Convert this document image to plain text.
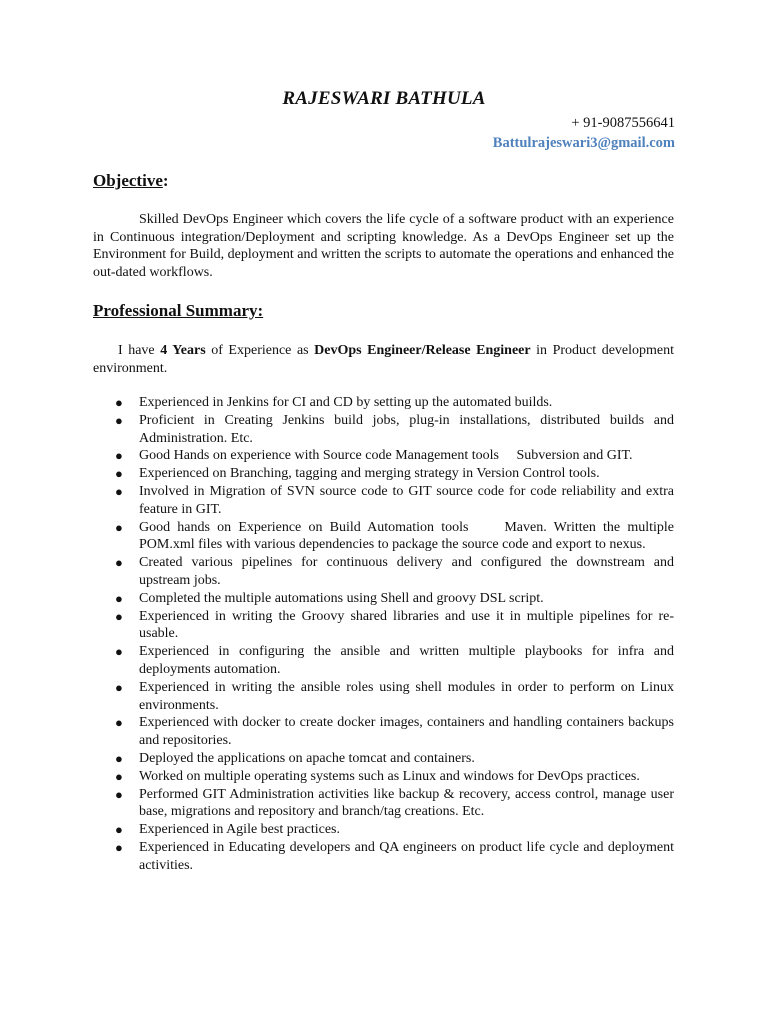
RAJESWARI BATHULA
+ 91-9087556641
Battulrajeswari3@gmail.com
Objective:

Skilled DevOps Engineer which covers the life cycle of a software product with an experience in Continuous integration/Deployment and scripting knowledge. As a DevOps Engineer set up the Environment for Build, deployment and written the scripts to automate the operations and enhanced the out-dated workflows.

Professional Summary:

I have 4 Years of Experience as DevOps Engineer/Release Engineer in Product development environment.

● Experienced in Jenkins for CI and CD by setting up the automated builds.
● Proficient in Creating Jenkins build jobs, plug-in installations, distributed builds and Administration. Etc.
● Good Hands on experience with Source code Management tools     Subversion and GIT.
● Experienced on Branching, tagging and merging strategy in Version Control tools.
● Involved in Migration of SVN source code to GIT source code for code reliability and extra feature in GIT.
● Good hands on Experience on Build Automation tools     Maven. Written the multiple POM.xml files with various dependencies to package the source code and export to nexus.
● Created various pipelines for continuous delivery and configured the downstream and upstream jobs.
● Completed the multiple automations using Shell and groovy DSL script.
● Experienced in writing the Groovy shared libraries and use it in multiple pipelines for re-usable.
● Experienced in configuring the ansible and written multiple playbooks for infra and deployments automation.
● Experienced in writing the ansible roles using shell modules in order to perform on Linux environments.
● Experienced with docker to create docker images, containers and handling containers backups and repositories.
● Deployed the applications on apache tomcat and containers.
● Worked on multiple operating systems such as Linux and windows for DevOps practices.
● Performed GIT Administration activities like backup & recovery, access control, manage user base, migrations and repository and branch/tag creations. Etc.
● Experienced in Agile best practices.
● Experienced in Educating developers and QA engineers on product life cycle and deployment activities.
